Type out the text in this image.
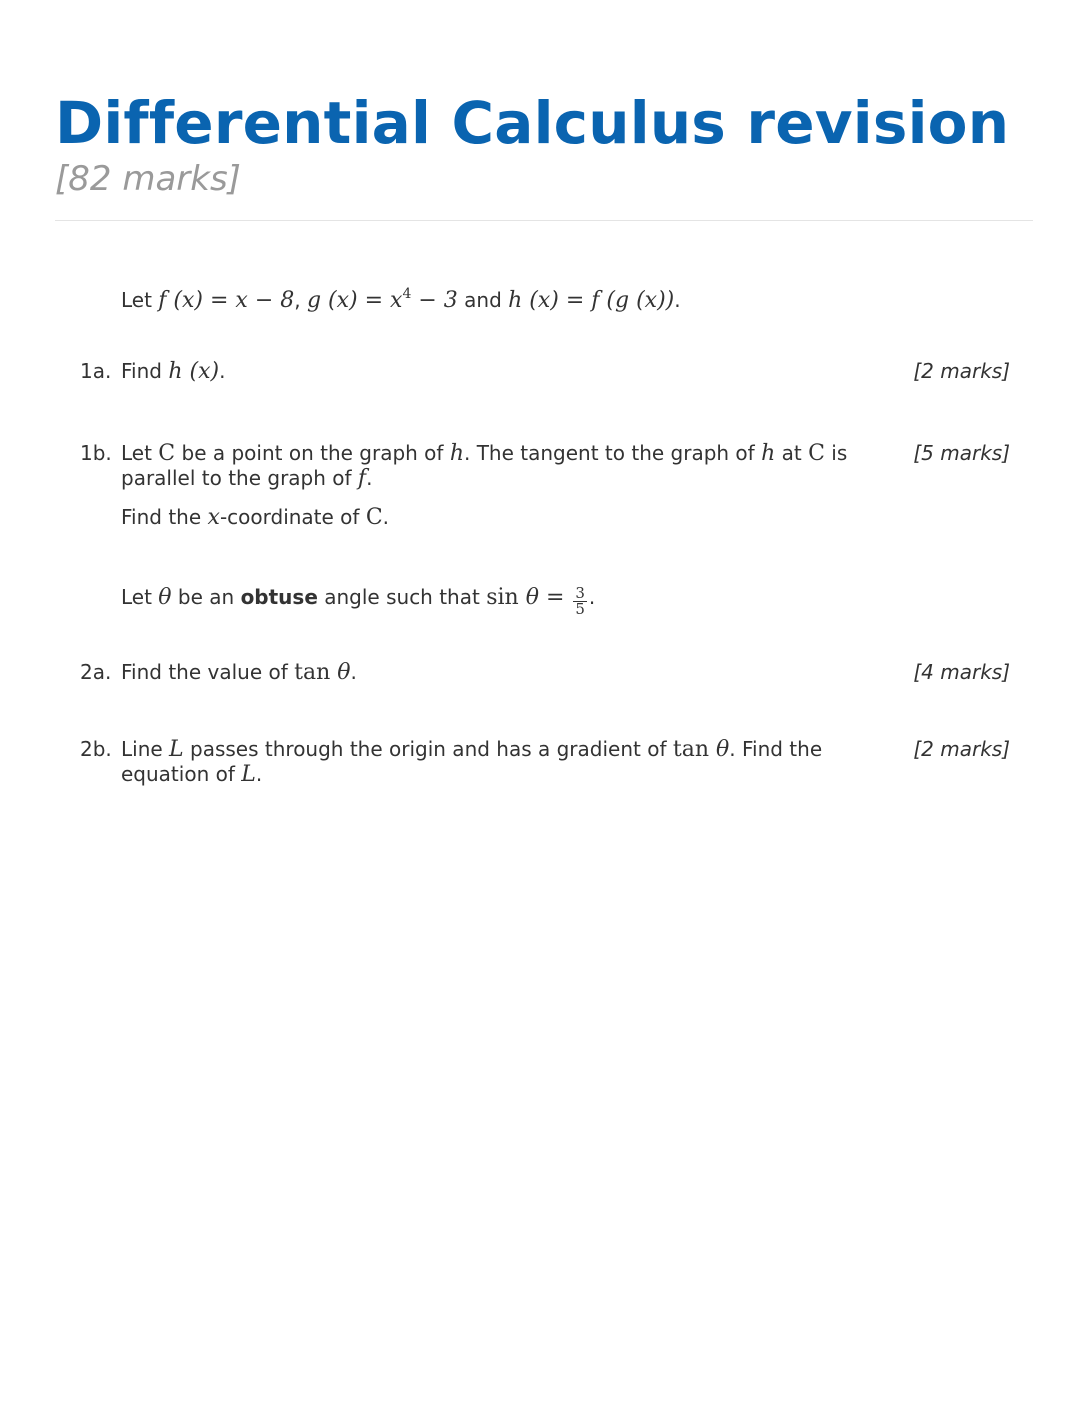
Differential Calculus revision
[82 marks]
Let f (x) = x − 8, g $(x) = x^4 - 3$ and h (x) = f (g (x)).
1a. Find h (x).	[2 marks]
1b. Let C be a point on the graph of h. The tangent to the graph of h at C is parallel to the graph of f.
Find the x-coordinate of C.
[5 marks]
Let θ be an obtuse angle such that $\sin \theta = \frac{3}{5}$ .
2a. Find the value of tan θ.	[4 marks]
2b. Line L passes through the origin and has a gradient of tan θ. Find the equation of L.
[2 marks]
